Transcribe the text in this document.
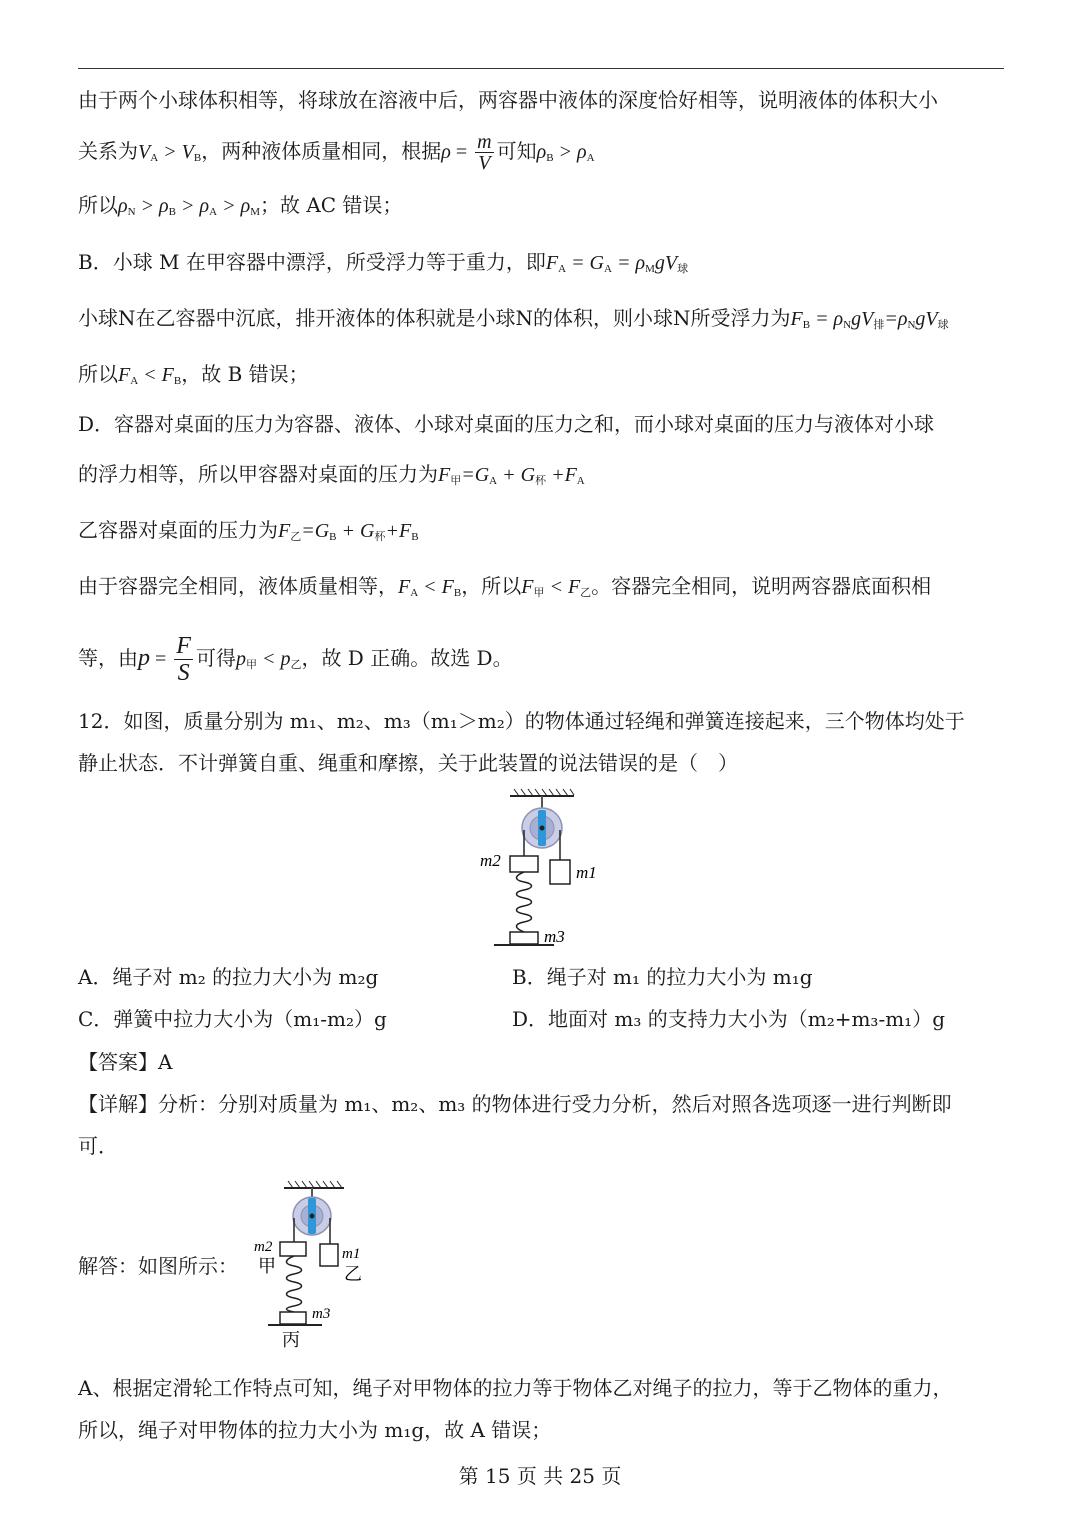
由于两个小球体积相等，将球放在溶液中后，两容器中液体的深度恰好相等，说明液体的体积大小
关系为$V_A > V_B$，两种液体质量相同，根据$\rho = \frac{m}{V}$ 可知$\rho_B > \rho_A$
所以$\rho_N > \rho_B > \rho_A > \rho_M$；故 AC 错误；
B．小球 M 在甲容器中漂浮，所受浮力等于重力，即$F_A = G_A = \rho_MgV_球$
小球N在乙容器中沉底，排开液体的体积就是小球N的体积，则小球N所受浮力为$F_B = \rho_NgV_排=\rho_NgV_球$
所以$F_A < F_B$，故 B 错误；
D．容器对桌面的压力为容器、液体、小球对桌面的压力之和，而小球对桌面的压力与液体对小球
的浮力相等，所以甲容器对桌面的压力为$F_甲=G_A + G_杯 +F_A$
乙容器对桌面的压力为$F_乙=G_B + G_杯+F_B$
由于容器完全相同，液体质量相等，$F_A < F_B$，所以$F_甲 < F_乙$。容器完全相同，说明两容器底面积相
等，由$p = \frac{F}{S}$ 可得$p_甲 < p_乙$，故 D 正确。故选 D。
12．如图，质量分别为 m₁、m₂、m₃（m₁＞m₂）的物体通过轻绳和弹簧连接起来，三个物体均处于
静止状态．不计弹簧自重、绳重和摩擦，关于此装置的说法错误的是（　）
m2
m1
m3
A．绳子对 m₂ 的拉力大小为 m₂g	B．绳子对 m₁ 的拉力大小为 m₁g
C．弹簧中拉力大小为（m₁-m₂）g	D．地面对 m₃ 的支持力大小为（m₂+m₃-m₁）g
【答案】A
【详解】分析：分别对质量为 m₁、m₂、m₃ 的物体进行受力分析，然后对照各选项逐一进行判断即
可．
解答：如图所示：
m2
甲
m1
乙
m3
丙
A、根据定滑轮工作特点可知，绳子对甲物体的拉力等于物体乙对绳子的拉力，等于乙物体的重力，
所以，绳子对甲物体的拉力大小为 m₁g，故 A 错误；
第 15 页 共 25 页
